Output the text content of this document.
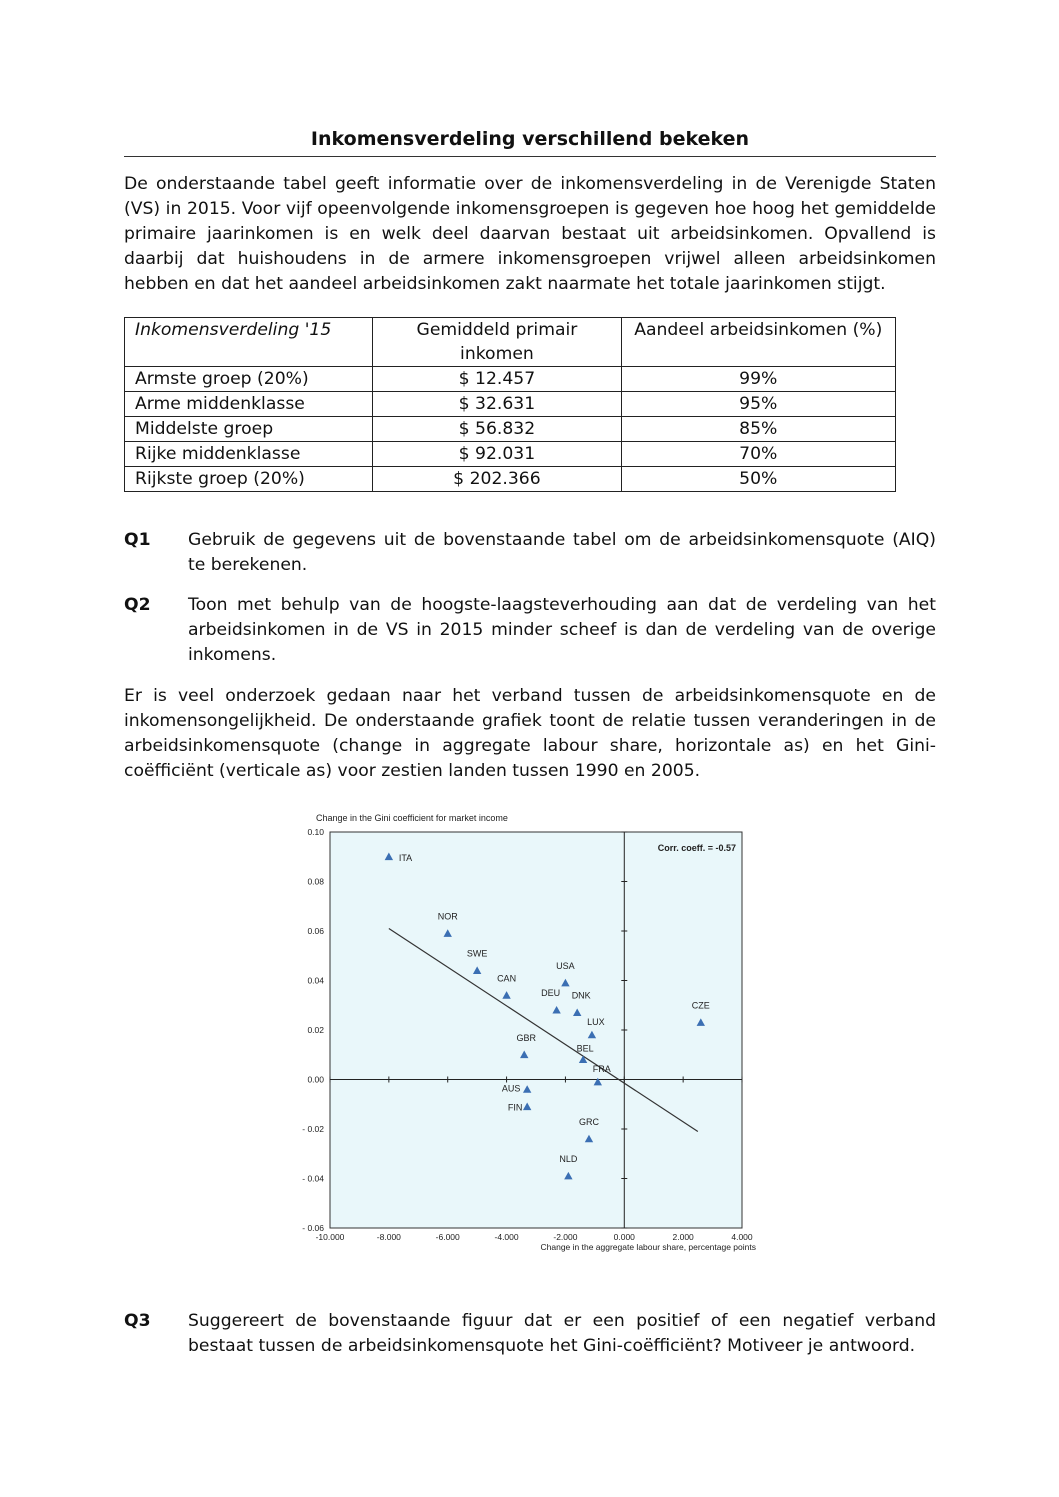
Inkomensverdeling verschillend bekeken

De onderstaande tabel geeft informatie over de inkomensverdeling in de Verenigde Staten (VS) in 2015. Voor vijf opeenvolgende inkomensgroepen is gegeven hoe hoog het gemiddelde primaire jaarinkomen is en welk deel daarvan bestaat uit arbeidsinkomen. Opvallend is daarbij dat huishoudens in de armere inkomensgroepen vrijwel alleen arbeidsinkomen hebben en dat het aandeel arbeidsinkomen zakt naarmate het totale jaarinkomen stijgt.

Inkomensverdeling '15	Gemiddeld primair inkomen	Aandeel arbeidsinkomen (%)
Armste groep (20%)	$ 12.457	99%
Arme middenklasse	$ 32.631	95%
Middelste groep	$ 56.832	85%
Rijke middenklasse	$ 92.031	70%
Rijkste groep (20%)	$ 202.366	50%
Q1 Gebruik de gegevens uit de bovenstaande tabel om de arbeidsinkomensquote (AIQ) te berekenen.
Q2 Toon met behulp van de hoogste-laagsteverhouding aan dat de verdeling van het arbeidsinkomen in de VS in 2015 minder scheef is dan de verdeling van de overige inkomens.

Er is veel onderzoek gedaan naar het verband tussen de arbeidsinkomensquote en de inkomensongelijkheid. De onderstaande grafiek toont de relatie tussen veranderingen in de arbeidsinkomensquote (change in aggregate labour share, horizontale as) en het Gini-coëfficiënt (verticale as) voor zestien landen tussen 1990 en 2005.

Q3 Suggereert de bovenstaande figuur dat er een positief of een negatief verband bestaat tussen de arbeidsinkomensquote het Gini-coëfficiënt? Motiveer je antwoord.
- 0.06
- 0.04
- 0.02
0.00
0.02
0.04
0.06
0.08
0.10
-10.000	-8.000	-6.000	-4.000	-2.000	0.000	2.000	4.000
Change in the Gini coefficient for market income
Change in the aggregate labour share, percentage points
Corr. coeff. = -0.57
ITA
NOR
SWE
CAN
USA
DEU DNK
LUX
CZE
GBR
BEL
FRA
AUS
FIN
GRC
NLD
